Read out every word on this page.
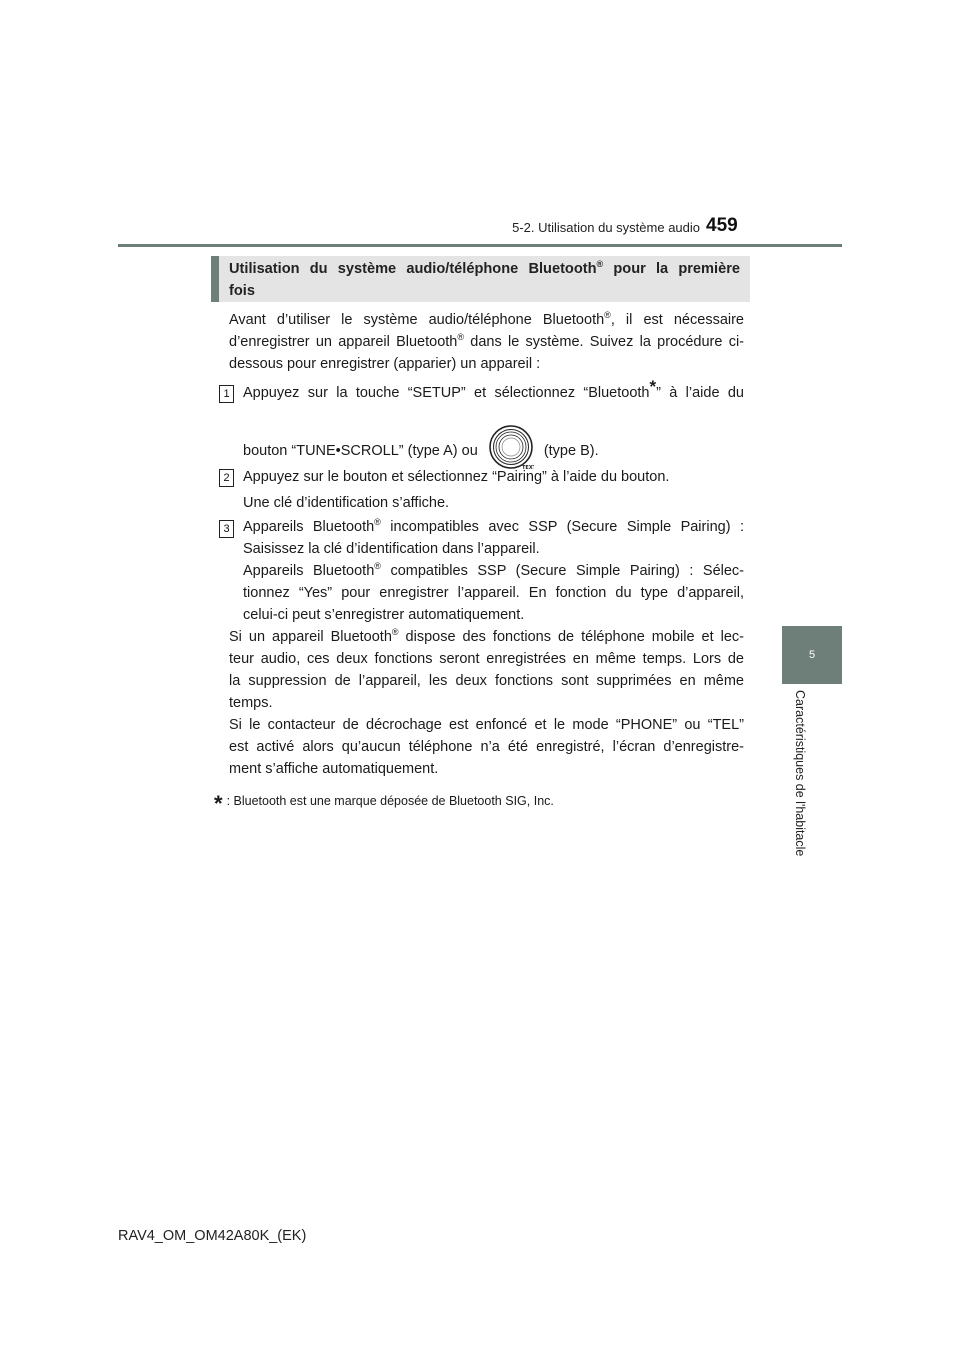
5-2. Utilisation du système audio 459
5
Caractéristiques de l'habitacle
Utilisation du système audio/téléphone Bluetooth® pour la première
fois

Avant d’utiliser le système audio/téléphone Bluetooth®, il est nécessaire
d’enregistrer un appareil Bluetooth® dans le système. Suivez la procédure ci-
dessous pour enregistrer (apparier) un appareil :

1 Appuyez sur la touche “SETUP” et sélectionnez “Bluetooth*” à l’aide du

bouton “TUNE•SCROLL” (type A) ou
TEX
(type B).

2 Appuyez sur le bouton et sélectionnez “Pairing” à l’aide du bouton.

Une clé d’identification s’affiche.

3 Appareils Bluetooth® incompatibles avec SSP (Secure Simple Pairing) :
Saisissez la clé d’identification dans l’appareil.
Appareils Bluetooth® compatibles SSP (Secure Simple Pairing) : Sélec-
tionnez “Yes” pour enregistrer l’appareil. En fonction du type d’appareil,
celui-ci peut s’enregistrer automatiquement.

Si un appareil Bluetooth® dispose des fonctions de téléphone mobile et lec-
teur audio, ces deux fonctions seront enregistrées en même temps. Lors de
la suppression de l’appareil, les deux fonctions sont supprimées en même
temps.

Si le contacteur de décrochage est enfoncé et le mode “PHONE” ou “TEL”
est activé alors qu’aucun téléphone n’a été enregistré, l’écran d’enregistre-
ment s’affiche automatiquement.

* : Bluetooth est une marque déposée de Bluetooth SIG, Inc.
RAV4_OM_OM42A80K_(EK)
